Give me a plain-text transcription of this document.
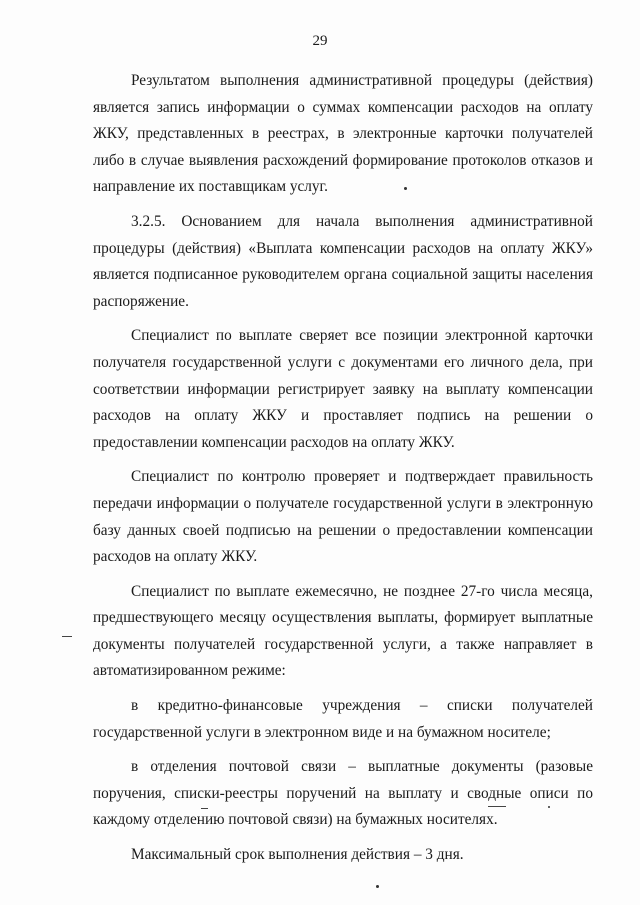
29

Результатом выполнения административной процедуры (действия) является запись информации о суммах компенсации расходов на оплату ЖКУ, представленных в реестрах, в электронные карточки получателей либо в случае выявления расхождений формирование протоколов отказов и направление их поставщикам услуг.

3.2.5. Основанием для начала выполнения административной процедуры (действия) «Выплата компенсации расходов на оплату ЖКУ» является подписанное руководителем органа социальной защиты населения распоряжение.

Специалист по выплате сверяет все позиции электронной карточки получателя государственной услуги с документами его личного дела, при соответствии информации регистрирует заявку на выплату компенсации расходов на оплату ЖКУ и проставляет подпись на решении о предоставлении компенсации расходов на оплату ЖКУ.

Специалист по контролю проверяет и подтверждает правильность передачи информации о получателе государственной услуги в электронную базу данных своей подписью на решении о предоставлении компенсации расходов на оплату ЖКУ.

Специалист по выплате ежемесячно, не позднее 27-го числа месяца, предшествующего месяцу осуществления выплаты, формирует выплатные документы получателей государственной услуги, а также направляет в автоматизированном режиме:

в кредитно-финансовые учреждения – списки получателей государственной услуги в электронном виде и на бумажном носителе;

в отделения почтовой связи – выплатные документы (разовые поручения, списки-реестры поручений на выплату и сводные описи по каждому отделению почтовой связи) на бумажных носителях.

Максимальный срок выполнения действия – 3 дня.
